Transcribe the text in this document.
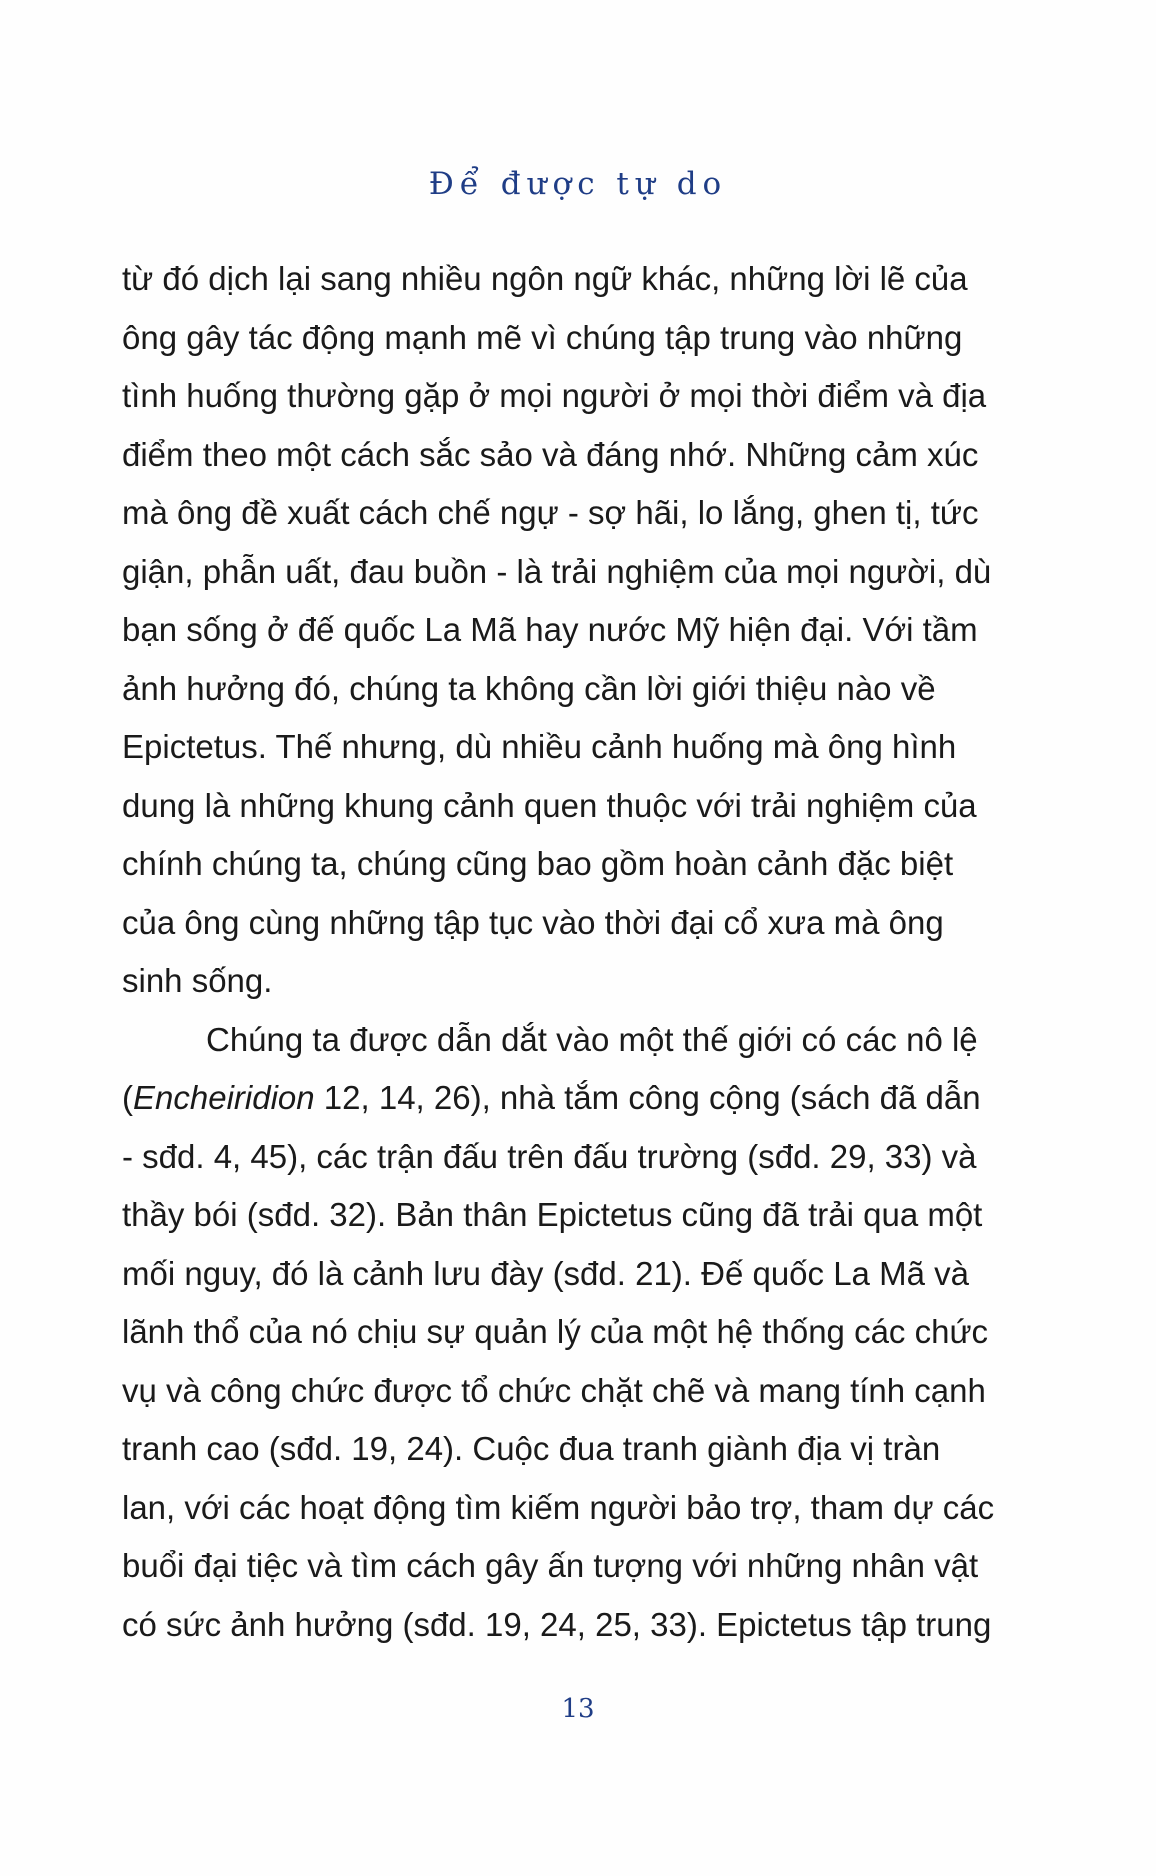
Để được tự do
từ đó dịch lại sang nhiều ngôn ngữ khác, những lời lẽ của
ông gây tác động mạnh mẽ vì chúng tập trung vào những
tình huống thường gặp ở mọi người ở mọi thời điểm và địa
điểm theo một cách sắc sảo và đáng nhớ. Những cảm xúc
mà ông đề xuất cách chế ngự - sợ hãi, lo lắng, ghen tị, tức
giận, phẫn uất, đau buồn - là trải nghiệm của mọi người, dù
bạn sống ở đế quốc La Mã hay nước Mỹ hiện đại. Với tầm
ảnh hưởng đó, chúng ta không cần lời giới thiệu nào về
Epictetus. Thế nhưng, dù nhiều cảnh huống mà ông hình
dung là những khung cảnh quen thuộc với trải nghiệm của
chính chúng ta, chúng cũng bao gồm hoàn cảnh đặc biệt
của ông cùng những tập tục vào thời đại cổ xưa mà ông
sinh sống.
Chúng ta được dẫn dắt vào một thế giới có các nô lệ
(Encheiridion 12, 14, 26), nhà tắm công cộng (sách đã dẫn
- sđd. 4, 45), các trận đấu trên đấu trường (sđd. 29, 33) và
thầy bói (sđd. 32). Bản thân Epictetus cũng đã trải qua một
mối nguy, đó là cảnh lưu đày (sđd. 21). Đế quốc La Mã và
lãnh thổ của nó chịu sự quản lý của một hệ thống các chức
vụ và công chức được tổ chức chặt chẽ và mang tính cạnh
tranh cao (sđd. 19, 24). Cuộc đua tranh giành địa vị tràn
lan, với các hoạt động tìm kiếm người bảo trợ, tham dự các
buổi đại tiệc và tìm cách gây ấn tượng với những nhân vật
có sức ảnh hưởng (sđd. 19, 24, 25, 33). Epictetus tập trung
13
